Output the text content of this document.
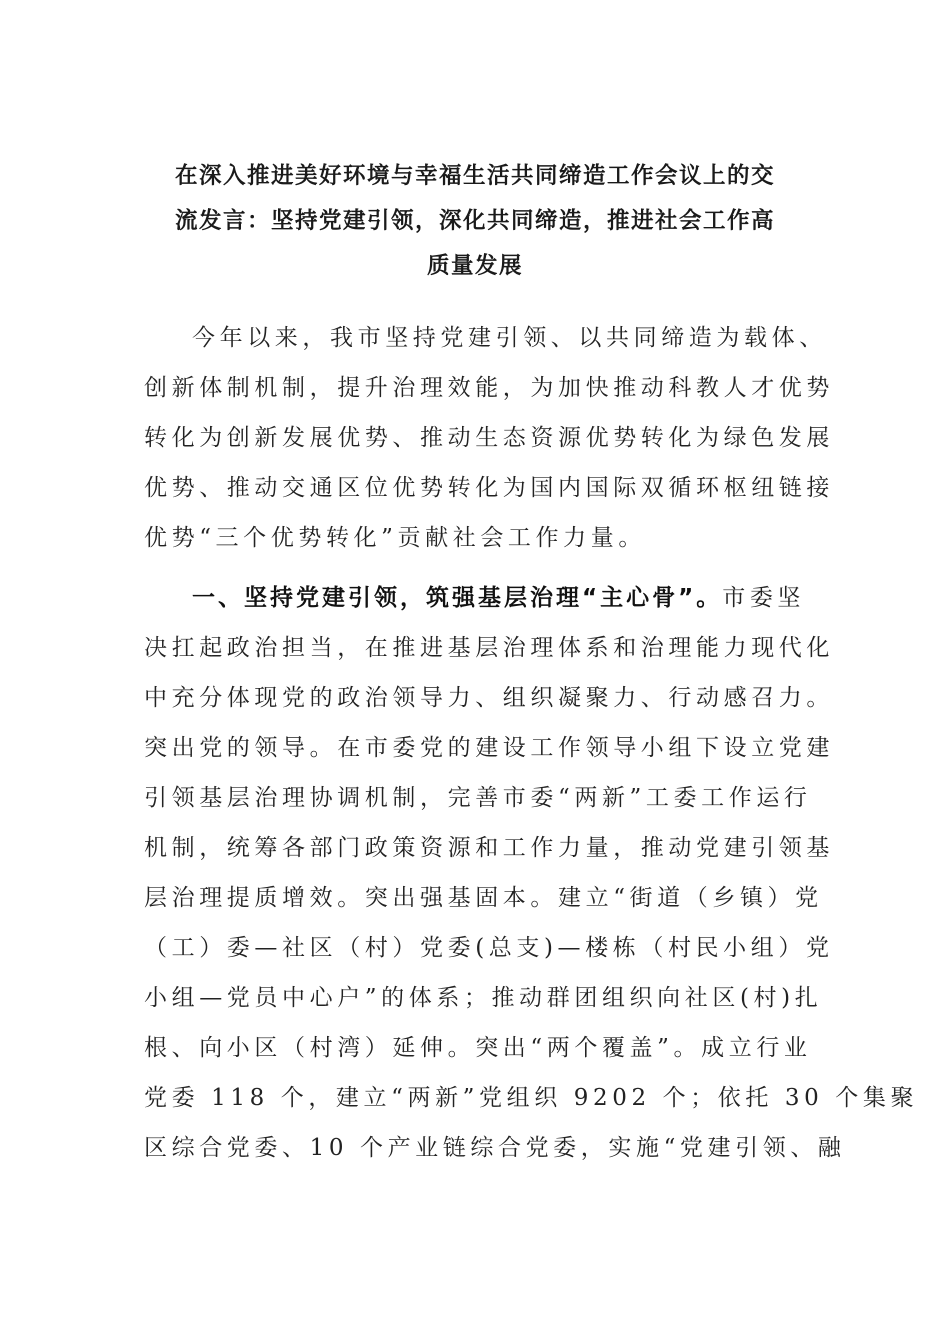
在深入推进美好环境与幸福生活共同缔造工作会议上的交
流发言：坚持党建引领，深化共同缔造，推进社会工作高
质量发展
今年以来，我市坚持党建引领、以共同缔造为载体、
创新体制机制，提升治理效能，为加快推动科教人才优势
转化为创新发展优势、推动生态资源优势转化为绿色发展
优势、推动交通区位优势转化为国内国际双循环枢纽链接
优势“三个优势转化”贡献社会工作力量。
一、坚持党建引领，筑强基层治理“主心骨”。市委坚
决扛起政治担当，在推进基层治理体系和治理能力现代化
中充分体现党的政治领导力、组织凝聚力、行动感召力。
突出党的领导。在市委党的建设工作领导小组下设立党建
引领基层治理协调机制，完善市委“两新”工委工作运行
机制，统筹各部门政策资源和工作力量，推动党建引领基
层治理提质增效。突出强基固本。建立“街道（乡镇）党
（工）委—社区（村）党委(总支)—楼栋（村民小组）党
小组—党员中心户”的体系；推动群团组织向社区(村)扎
根、向小区（村湾）延伸。突出“两个覆盖”。成立行业
党委 118 个，建立“两新”党组织 9202 个；依托 30 个集聚
区综合党委、10 个产业链综合党委，实施“党建引领、融
